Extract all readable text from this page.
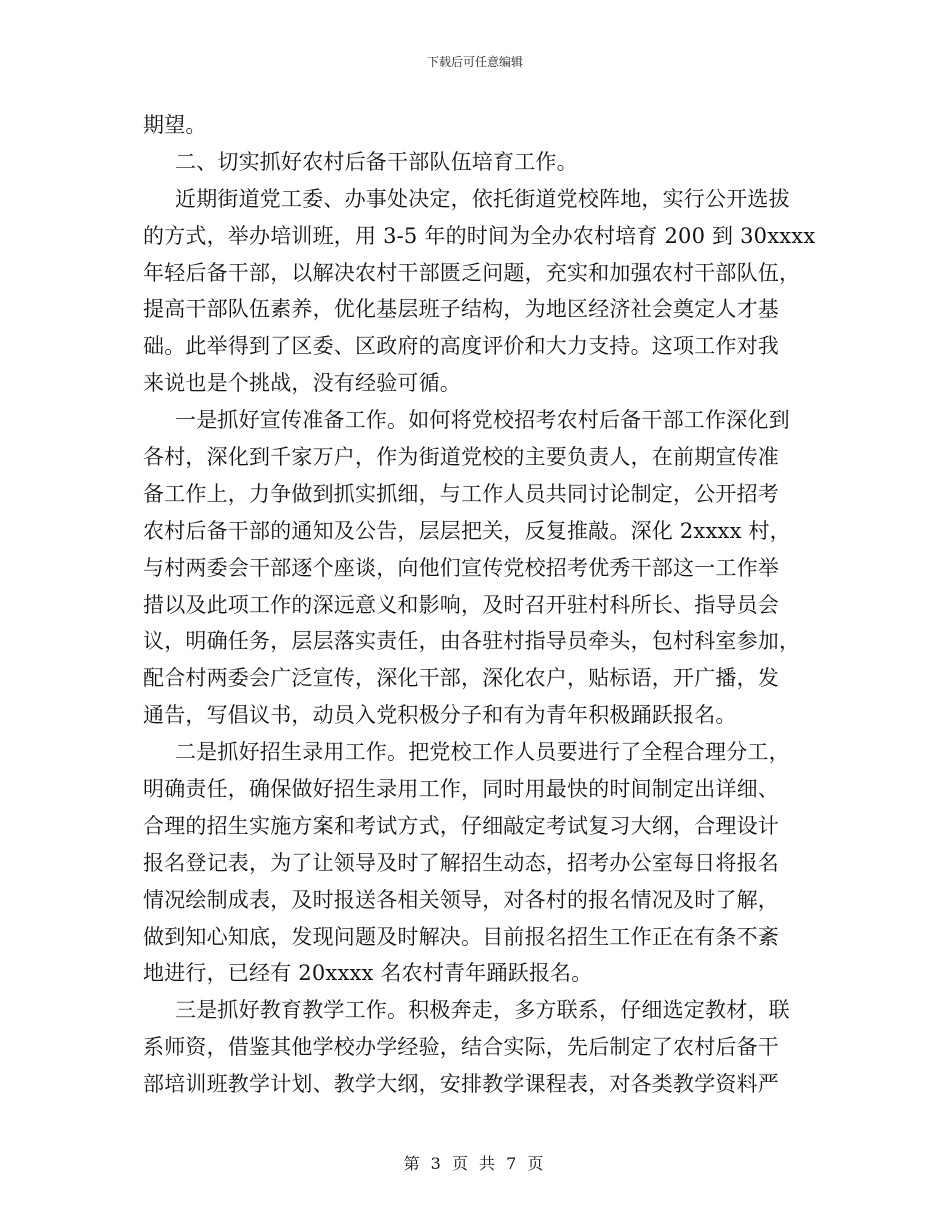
下载后可任意编辑
期望。
二、切实抓好农村后备干部队伍培育工作。
近期街道党工委、办事处决定，依托街道党校阵地，实行公开选拔
的方式，举办培训班，用 3-5 年的时间为全办农村培育 200 到 30xxxx
年轻后备干部，以解决农村干部匮乏问题，充实和加强农村干部队伍，
提高干部队伍素养，优化基层班子结构，为地区经济社会奠定人才基
础。此举得到了区委、区政府的高度评价和大力支持。这项工作对我
来说也是个挑战，没有经验可循。
一是抓好宣传准备工作。如何将党校招考农村后备干部工作深化到
各村，深化到千家万户，作为街道党校的主要负责人，在前期宣传准
备工作上，力争做到抓实抓细，与工作人员共同讨论制定，公开招考
农村后备干部的通知及公告，层层把关，反复推敲。深化 2xxxx 村，
与村两委会干部逐个座谈，向他们宣传党校招考优秀干部这一工作举
措以及此项工作的深远意义和影响，及时召开驻村科所长、指导员会
议，明确任务，层层落实责任，由各驻村指导员牵头，包村科室参加，
配合村两委会广泛宣传，深化干部，深化农户，贴标语，开广播，发
通告，写倡议书，动员入党积极分子和有为青年积极踊跃报名。
二是抓好招生录用工作。把党校工作人员要进行了全程合理分工，
明确责任，确保做好招生录用工作，同时用最快的时间制定出详细、
合理的招生实施方案和考试方式，仔细敲定考试复习大纲，合理设计
报名登记表，为了让领导及时了解招生动态，招考办公室每日将报名
情况绘制成表，及时报送各相关领导，对各村的报名情况及时了解，
做到知心知底，发现问题及时解决。目前报名招生工作正在有条不紊
地进行，已经有 20xxxx 名农村青年踊跃报名。
三是抓好教育教学工作。积极奔走，多方联系，仔细选定教材，联
系师资，借鉴其他学校办学经验，结合实际，先后制定了农村后备干
部培训班教学计划、教学大纲，安排教学课程表，对各类教学资料严
第 3 页 共 7 页
